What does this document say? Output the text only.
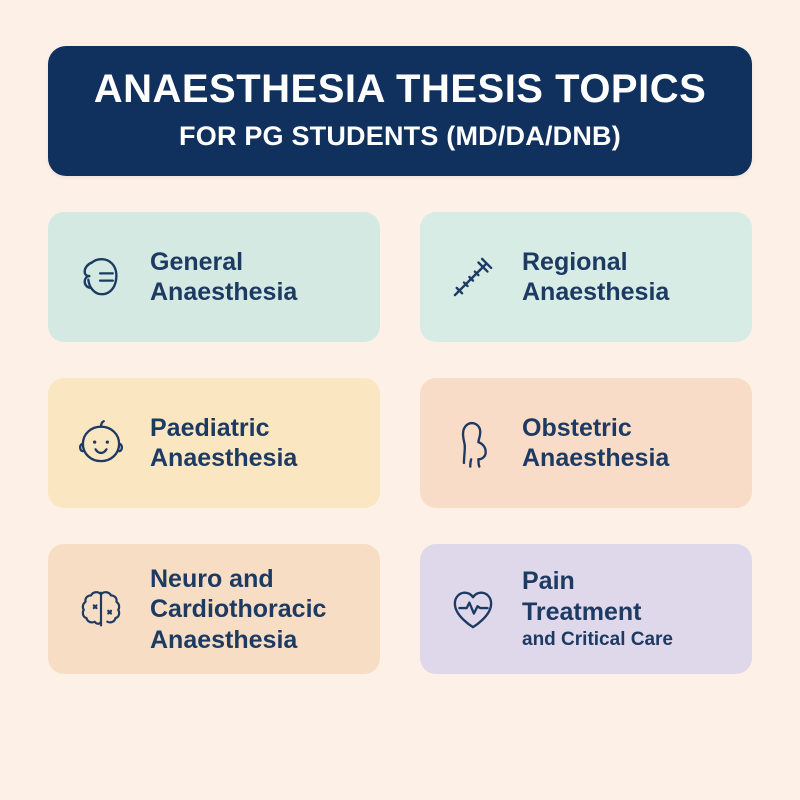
ANAESTHESIA THESIS TOPICS
FOR PG STUDENTS (MD/DA/DNB)
General
Anaesthesia
Regional
Anaesthesia
Paediatric
Anaesthesia
Obstetric
Anaesthesia
Neuro and
Cardiothoracic
Anaesthesia
Pain
Treatment
and Critical Care
